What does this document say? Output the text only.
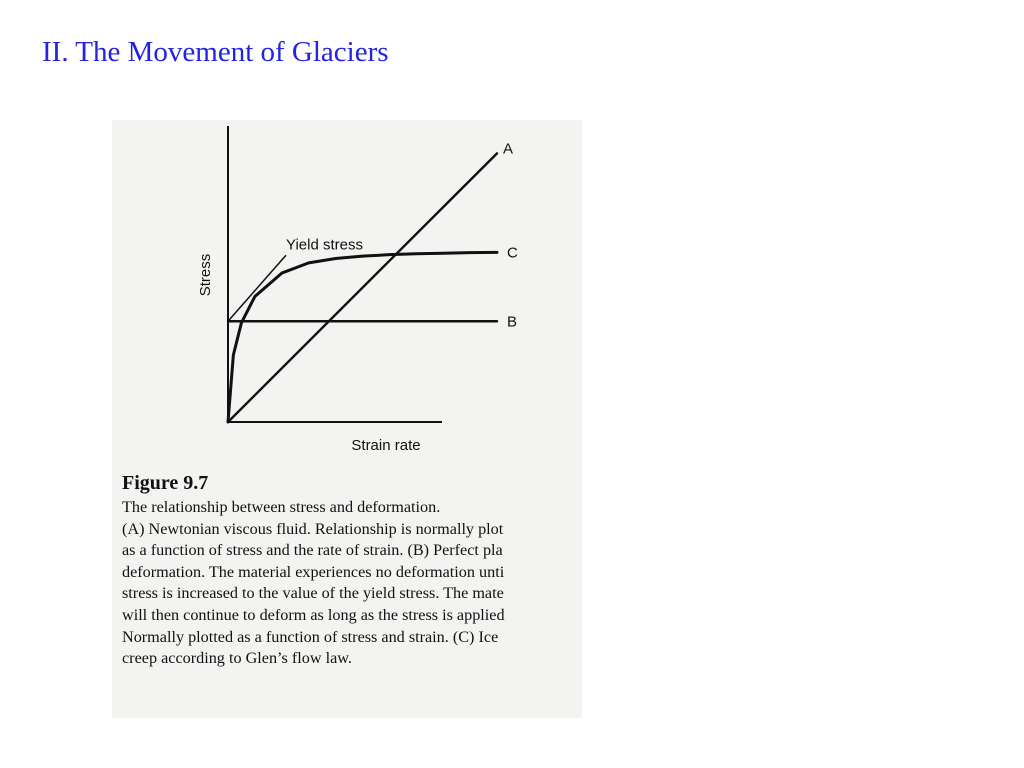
II. The Movement of Glaciers
Stress
Strain rate
A
B
C
Yield stress
Figure 9.7
The relationship between stress and deformation.
(A) Newtonian viscous fluid. Relationship is normally plot
as a function of stress and the rate of strain. (B) Perfect pla
deformation. The material experiences no deformation unti
stress is increased to the value of the yield stress. The mate
will then continue to deform as long as the stress is applied
Normally plotted as a function of stress and strain. (C) Ice
creep according to Glen’s flow law.
